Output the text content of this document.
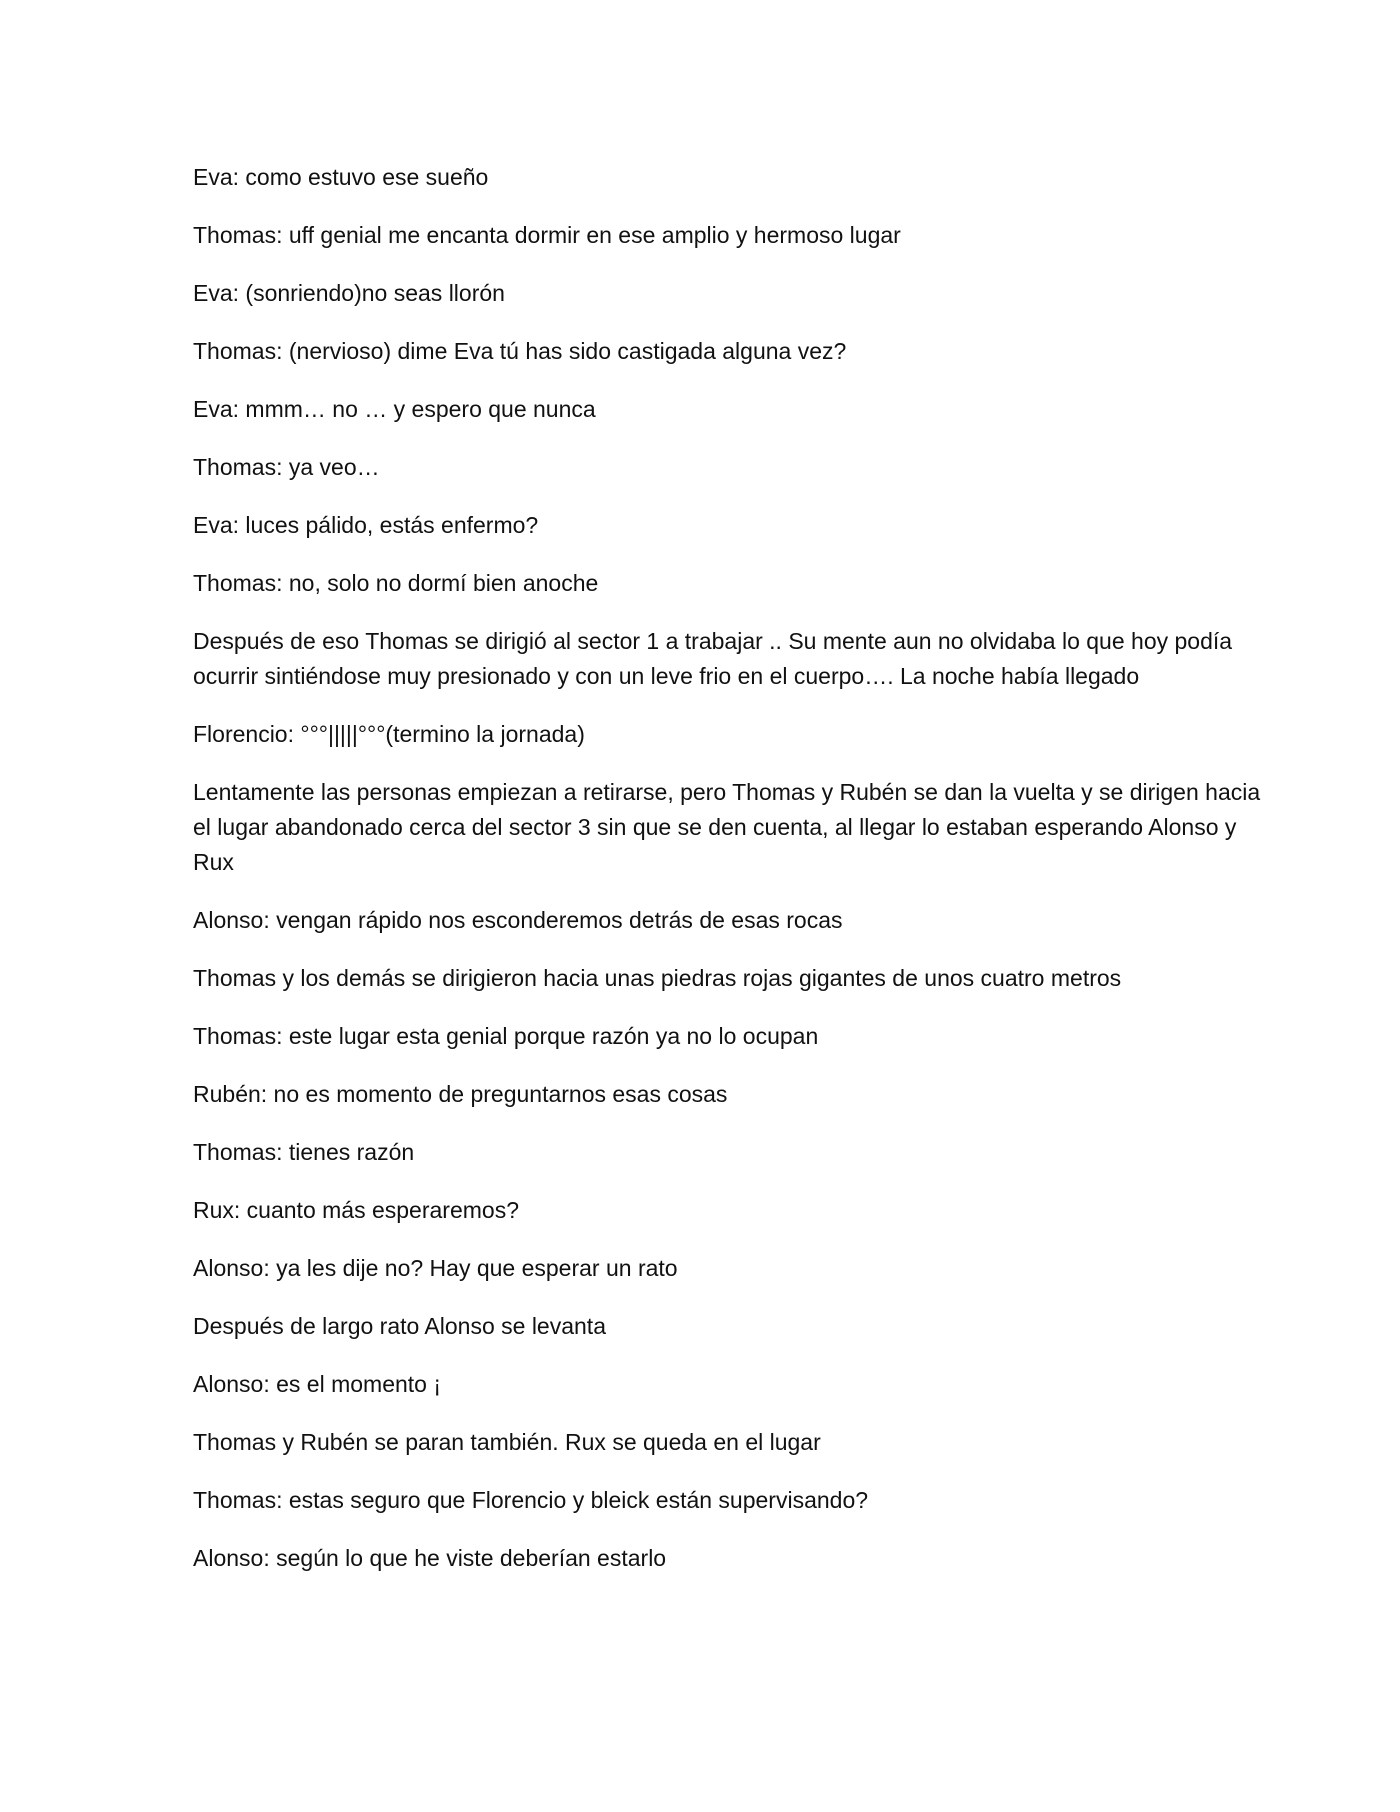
Eva: como estuvo ese sueño

Thomas: uff genial me encanta dormir en ese amplio y hermoso lugar

Eva: (sonriendo)no seas llorón

Thomas: (nervioso) dime Eva tú has sido castigada alguna vez?

Eva: mmm… no … y espero que nunca

Thomas: ya veo…

Eva: luces pálido, estás enfermo?

Thomas: no, solo no dormí bien anoche

Después de eso Thomas se dirigió al sector 1 a trabajar .. Su mente aun no olvidaba lo que hoy podía ocurrir sintiéndose muy presionado y con un leve frio en el cuerpo…. La noche había llegado

Florencio: °°°|||||°°°(termino la jornada)

Lentamente las personas empiezan a retirarse, pero Thomas y Rubén se dan la vuelta y se dirigen hacia el lugar abandonado cerca del sector 3 sin que se den cuenta, al llegar lo estaban esperando Alonso y Rux

Alonso: vengan rápido nos esconderemos detrás de esas rocas

Thomas y los demás se dirigieron hacia unas piedras rojas gigantes de unos cuatro metros

Thomas: este lugar esta genial porque razón ya no lo ocupan

Rubén: no es momento de preguntarnos esas cosas

Thomas: tienes razón

Rux: cuanto más esperaremos?

Alonso: ya les dije no? Hay que esperar un rato

Después de largo rato Alonso se levanta

Alonso: es el momento ¡

Thomas y Rubén se paran también. Rux se queda en el lugar

Thomas: estas seguro que Florencio y bleick están supervisando?

Alonso: según lo que he viste deberían estarlo
